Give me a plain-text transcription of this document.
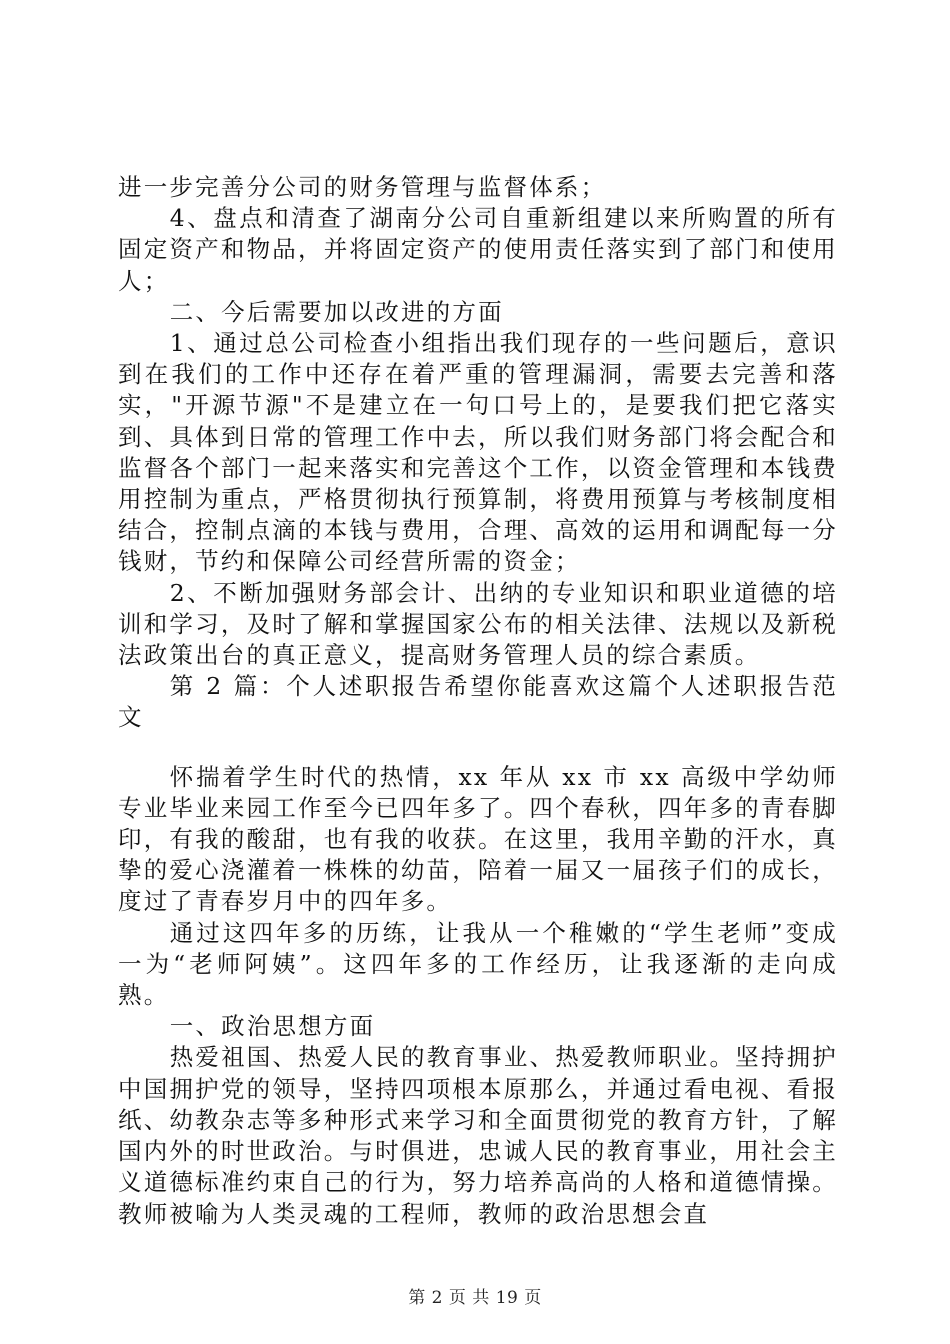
进一步完善分公司的财务管理与监督体系；

4、盘点和清查了湖南分公司自重新组建以来所购置的所有固定资产和物品，并将固定资产的使用责任落实到了部门和使用人；

二、今后需要加以改进的方面

1、通过总公司检查小组指出我们现存的一些问题后，意识到在我们的工作中还存在着严重的管理漏洞，需要去完善和落实，"开源节源"不是建立在一句口号上的，是要我们把它落实到、具体到日常的管理工作中去，所以我们财务部门将会配合和监督各个部门一起来落实和完善这个工作，以资金管理和本钱费用控制为重点，严格贯彻执行预算制，将费用预算与考核制度相结合，控制点滴的本钱与费用，合理、高效的运用和调配每一分钱财，节约和保障公司经营所需的资金；

2、不断加强财务部会计、出纳的专业知识和职业道德的培训和学习，及时了解和掌握国家公布的相关法律、法规以及新税法政策出台的真正意义，提高财务管理人员的综合素质。

第 2 篇：个人述职报告希望你能喜欢这篇个人述职报告范文

怀揣着学生时代的热情，xx 年从 xx 市 xx 高级中学幼师专业毕业来园工作至今已四年多了。四个春秋，四年多的青春脚印，有我的酸甜，也有我的收获。在这里，我用辛勤的汗水，真挚的爱心浇灌着一株株的幼苗，陪着一届又一届孩子们的成长，度过了青春岁月中的四年多。

通过这四年多的历练，让我从一个稚嫩的“学生老师”变成一为“老师阿姨”。这四年多的工作经历，让我逐渐的走向成熟。

一、政治思想方面

热爱祖国、热爱人民的教育事业、热爱教师职业。坚持拥护中国拥护党的领导，坚持四项根本原那么，并通过看电视、看报纸、幼教杂志等多种形式来学习和全面贯彻党的教育方针，了解国内外的时世政治。与时俱进，忠诚人民的教育事业，用社会主义道德标准约束自己的行为，努力培养高尚的人格和道德情操。教师被喻为人类灵魂的工程师，教师的政治思想会直

第 2 页 共 19 页
